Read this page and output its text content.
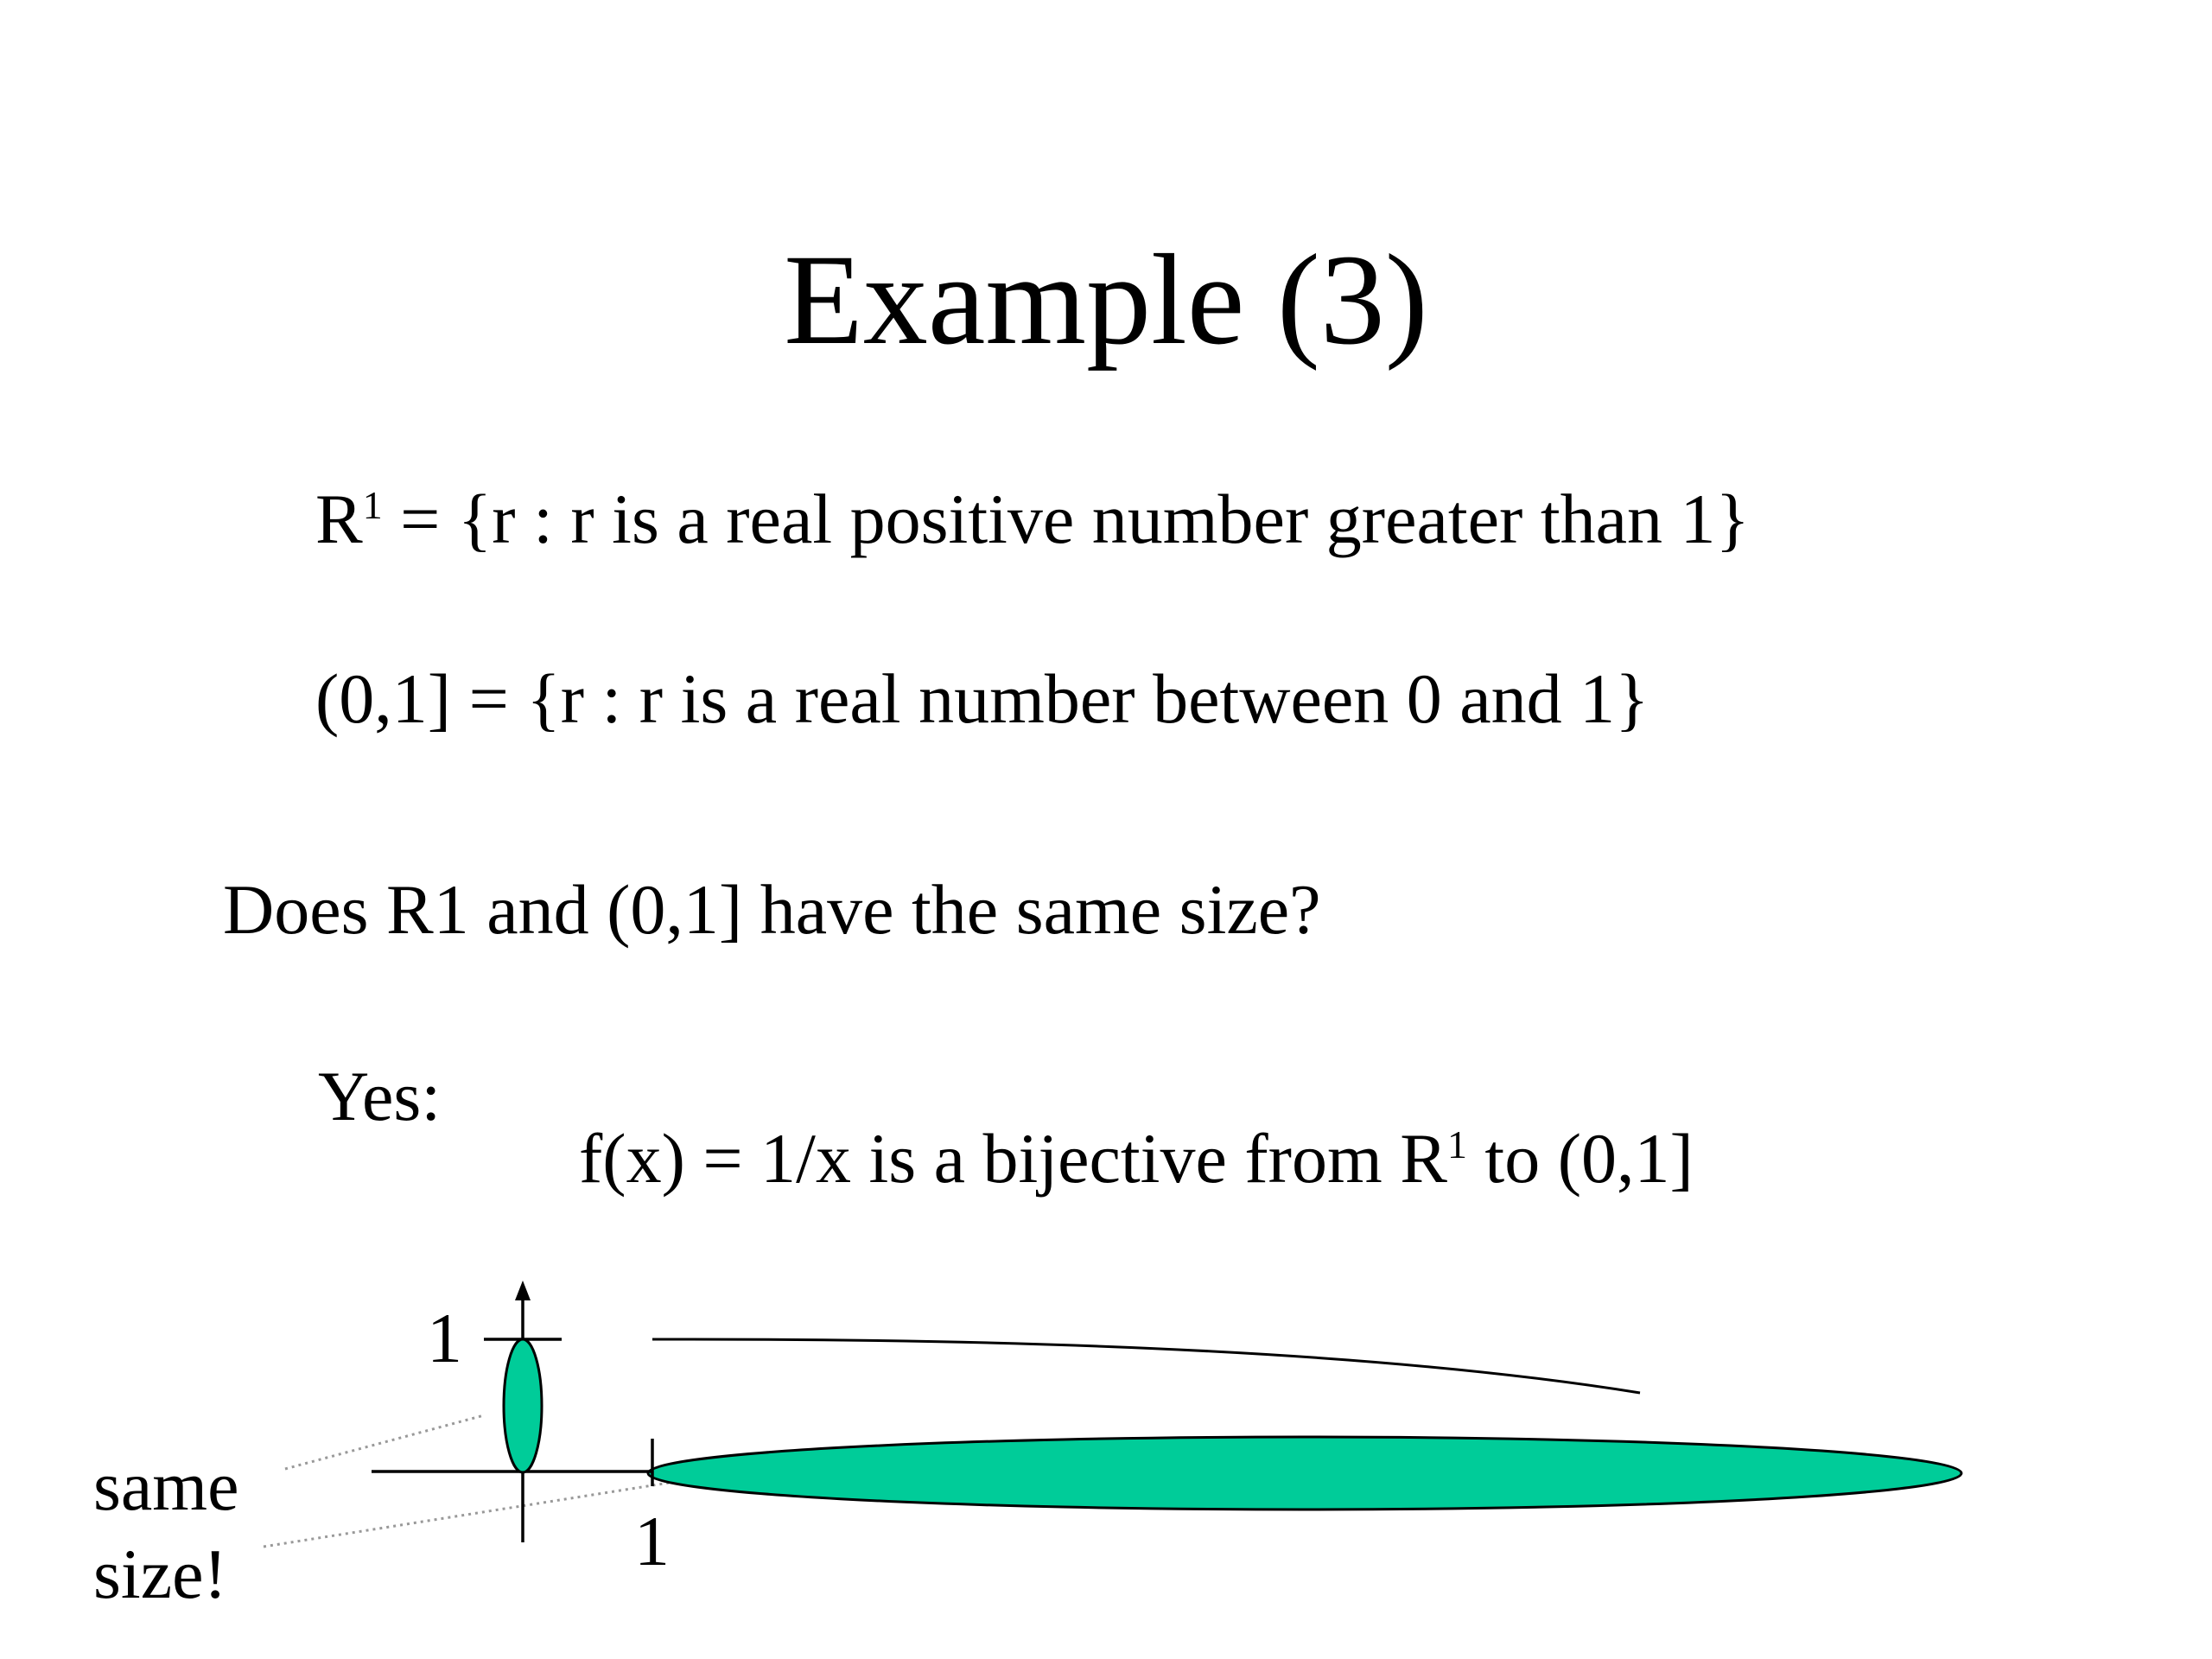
Example (3)
$R^1 = \{r$ : r is a real positive number greater than 1}
(0,1] = {r : r is a real number between 0 and 1}
Does R1 and (0,1] have the same size?
Yes:
f(x) = 1/x is a bijective from $R^1$ to (0,1]
1
1
same
size!
